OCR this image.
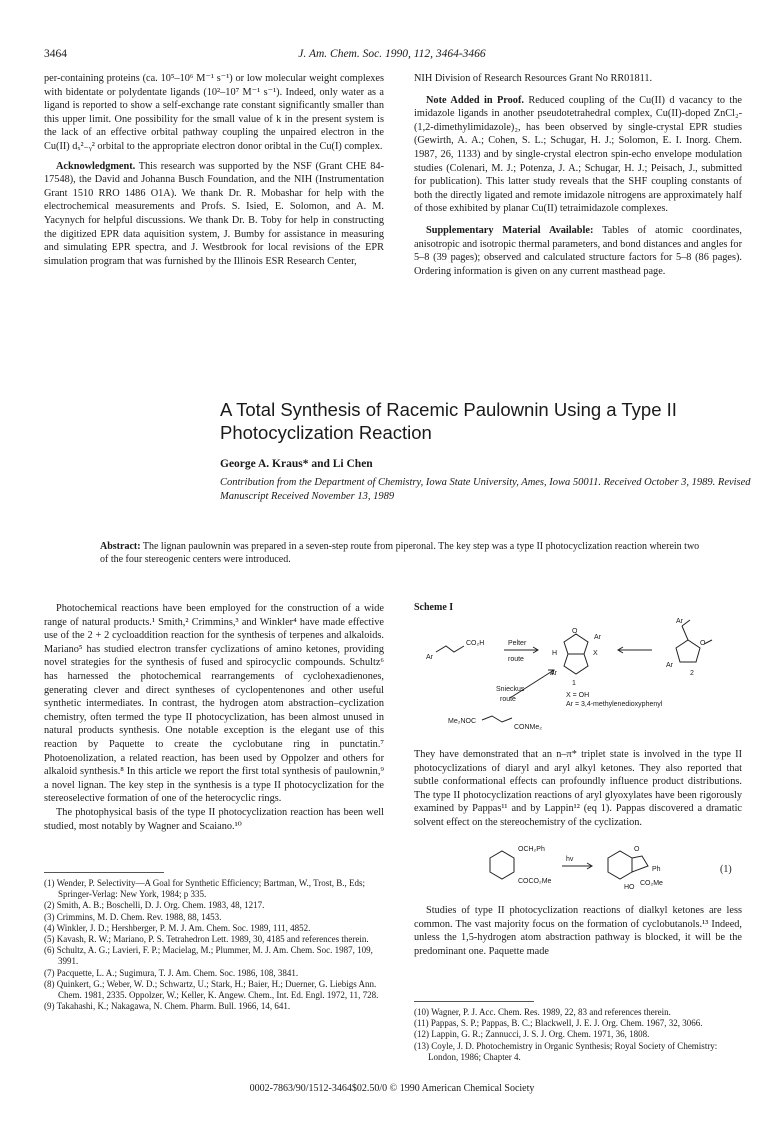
3464	J. Am. Chem. Soc. 1990, 112, 3464-3466

per-containing proteins (ca. 10⁵–10⁶ M⁻¹ s⁻¹) or low molecular weight complexes with bidentate or polydentate ligands (10²–10⁷ M⁻¹ s⁻¹). Indeed, only water as a ligand is reported to show a self-exchange rate constant significantly smaller than this upper limit. One possibility for the small value of k in the present system is the lack of an effective orbital pathway coupling the unpaired electron in the Cu(II) dₓ²₋ᵧ² orbital to the appropriate electron donor oribtal in the Cu(I) complex.

Acknowledgment. This research was supported by the NSF (Grant CHE 84-17548), the David and Johanna Busch Foundation, and the NIH (Instrumentation Grant 1510 RRO 1486 O1A). We thank Dr. R. Mobashar for help with the electrochemical measurements and Profs. S. Isied, E. Solomon, and A. M. Yacynych for helpful discussions. We thank Dr. B. Toby for help in constructing the digitized EPR data aquisition system, J. Bumby for assistance in measuring and simulating EPR spectra, and J. Westbrook for local revisions of the EPR simulation program that was furnished by the Illinois ESR Research Center,

NIH Division of Research Resources Grant No RR01811.

Note Added in Proof. Reduced coupling of the Cu(II) d vacancy to the imidazole ligands in another pseudotetrahedral complex, Cu(II)-doped ZnCl₂-(1,2-dimethylimidazole)₂, has been observed by single-crystal EPR studies (Gewirth, A. A.; Cohen, S. L.; Schugar, H. J.; Solomon, E. I. Inorg. Chem. 1987, 26, 1133) and by single-crystal electron spin-echo envelope modulation studies (Colenari, M. J.; Potenza, J. A.; Schugar, H. J.; Peisach, J., submitted for publication). This latter study reveals that the SHF coupling constants of both the directly ligated and remote imidazole nitrogens are approximately half of those exhibited by planar Cu(II) tetraimidazole complexes.

Supplementary Material Available: Tables of atomic coordinates, anisotropic and isotropic thermal parameters, and bond distances and angles for 5–8 (39 pages); observed and calculated structure factors for 5–8 (86 pages). Ordering information is given on any current masthead page.

A Total Synthesis of Racemic Paulownin Using a Type II Photocyclization Reaction
George A. Kraus* and Li Chen
Contribution from the Department of Chemistry, Iowa State University, Ames, Iowa 50011. Received October 3, 1989. Revised Manuscript Received November 13, 1989
Abstract: The lignan paulownin was prepared in a seven-step route from piperonal. The key step was a type II photocyclization reaction wherein two of the four stereogenic centers were introduced.

Photochemical reactions have been employed for the construction of a wide range of natural products.¹ Smith,² Crimmins,³ and Winkler⁴ have made effective use of the 2 + 2 cycloaddition reaction for the synthesis of terpenes and alkaloids. Mariano⁵ has studied electron transfer cyclizations of amino ketones, providing novel strategies for the synthesis of fused and spirocyclic compounds. Schultz⁶ has harnessed the photochemical rearrangements of cyclohexadienones, generating clever and direct syntheses of cyclopentenones and other useful synthetic intermediates. In contrast, the hydrogen atom abstraction–cyclization chemistry, often termed the type II photocyclization, has been almost unused in natural products synthesis. One notable exception is the elegant use of this reaction by Paquette to create the cyclobutane ring in punctatin.⁷ Photoenolization, a related reaction, has been used by Oppolzer and others for alkaloid synthesis.⁸ In this article we report the first total synthesis of paulownin,⁹ a novel lignan. The key step in the synthesis is a type II photocyclization for the stereoselective formation of one of the heterocyclic rings.

The photophysical basis of the type II photocyclization reaction has been well studied, most notably by Wagner and Scaiano.¹⁰

(1) Wender, P. Selectivity—A Goal for Synthetic Efficiency; Bartman, W., Trost, B., Eds; Springer-Verlag: New York, 1984; p 335.
(2) Smith, A. B.; Boschelli, D. J. Org. Chem. 1983, 48, 1217.
(3) Crimmins, M. D. Chem. Rev. 1988, 88, 1453.
(4) Winkler, J. D.; Hershberger, P. M. J. Am. Chem. Soc. 1989, 111, 4852.
(5) Kavash, R. W.; Mariano, P. S. Tetrahedron Lett. 1989, 30, 4185 and references therein.
(6) Schultz, A. G.; Lavieri, F. P.; Macielag, M.; Plummer, M. J. Am. Chem. Soc. 1987, 109, 3991.
(7) Pacquette, L. A.; Sugimura, T. J. Am. Chem. Soc. 1986, 108, 3841.
(8) Quinkert, G.; Weber, W. D.; Schwartz, U.; Stark, H.; Baier, H.; Duerner, G. Liebigs Ann. Chem. 1981, 2335. Oppolzer, W.; Keller, K. Angew. Chem., Int. Ed. Engl. 1972, 11, 728.
(9) Takahashi, K.; Nakagawa, N. Chem. Pharm. Bull. 1966, 14, 641.
Scheme I
Ar
CO₂H	Pelter
route
O
Ar
H	X
Ar
1
Ar
O
Ar
2
Snieckus
route
X = OH
Ar = 3,4-methylenedioxyphenyl
Me₂NOC
CONMe₂

They have demonstrated that an n–π* triplet state is involved in the type II photocyclizations of diaryl and aryl alkyl ketones. They also reported that subtle conformational effects can profoundly influence product distributions. The type II photocyclization reactions of aryl glyoxylates have been rigorously examined by Pappas¹¹ and by Lappin¹² (eq 1). Pappas discovered a dramatic solvent effect on the stereochemistry of the cyclization.

OCH₂Ph
COCO₂Me
hv
O
Ph
HO
CO₂Me
(1)

Studies of type II photocyclization reactions of dialkyl ketones are less common. The vast majority focus on the formation of cyclobutanols.¹³ Indeed, unless the 1,5-hydrogen atom abstraction pathway is blocked, it will be the predominant one. Paquette made

(10) Wagner, P. J. Acc. Chem. Res. 1989, 22, 83 and references therein.
(11) Pappas, S. P.; Pappas, B. C.; Blackwell, J. E. J. Org. Chem. 1967, 32, 3066.
(12) Lappin, G. R.; Zannucci, J. S. J. Org. Chem. 1971, 36, 1808.
(13) Coyle, J. D. Photochemistry in Organic Synthesis; Royal Society of Chemistry: London, 1986; Chapter 4.
0002-7863/90/1512-3464$02.50/0 © 1990 American Chemical Society
